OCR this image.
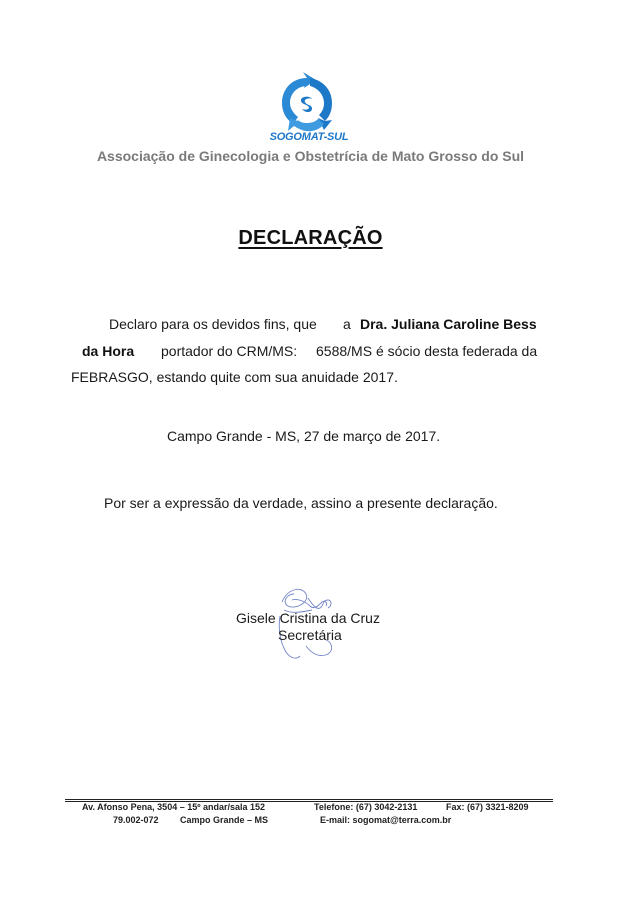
SOGOMAT-SUL
Associação de Ginecologia e Obstetrícia de Mato Grosso do Sul
DECLARAÇÃO
Declaro para os devidos fins, que a Dra. Juliana Caroline Bess
da Hora portador do CRM/MS: 6588/MS é sócio desta federada da
FEBRASGO, estando quite com sua anuidade 2017.
Campo Grande - MS, 27 de março de 2017.
Por ser a expressão da verdade, assino a presente declaração.
Gisele Cristina da Cruz
Secretária
Av. Afonso Pena, 3504 – 15º andar/sala 152	Telefone: (67) 3042-2131	Fax: (67) 3321-8209
79.002-072 Campo Grande – MS	E-mail: sogomat@terra.com.br
